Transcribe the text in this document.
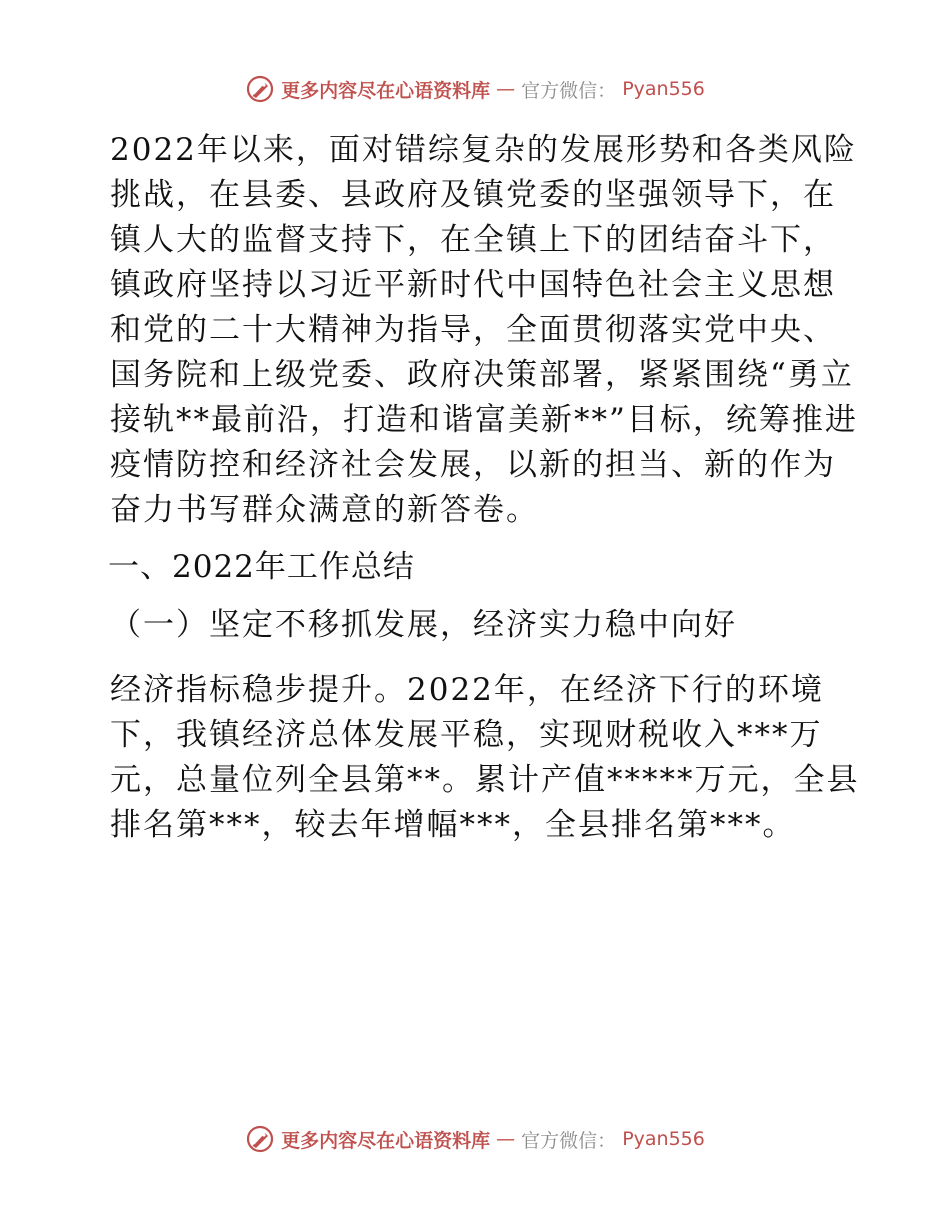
更多内容尽在心语资料库 — 官方微信： Pyan556

2022年以来，面对错综复杂的发展形势和各类风险挑战，在县委、县政府及镇党委的坚强领导下，在镇人大的监督支持下，在全镇上下的团结奋斗下，镇政府坚持以习近平新时代中国特色社会主义思想和党的二十大精神为指导，全面贯彻落实党中央、国务院和上级党委、政府决策部署，紧紧围绕“勇立接轨**最前沿，打造和谐富美新**”目标，统筹推进疫情防控和经济社会发展，以新的担当、新的作为奋力书写群众满意的新答卷。

一、2022年工作总结

（一）坚定不移抓发展，经济实力稳中向好

经济指标稳步提升。2022年，在经济下行的环境下，我镇经济总体发展平稳，实现财税收入***万元，总量位列全县第**。累计产值*****万元，全县排名第***，较去年增幅***，全县排名第***。

更多内容尽在心语资料库 — 官方微信： Pyan556
